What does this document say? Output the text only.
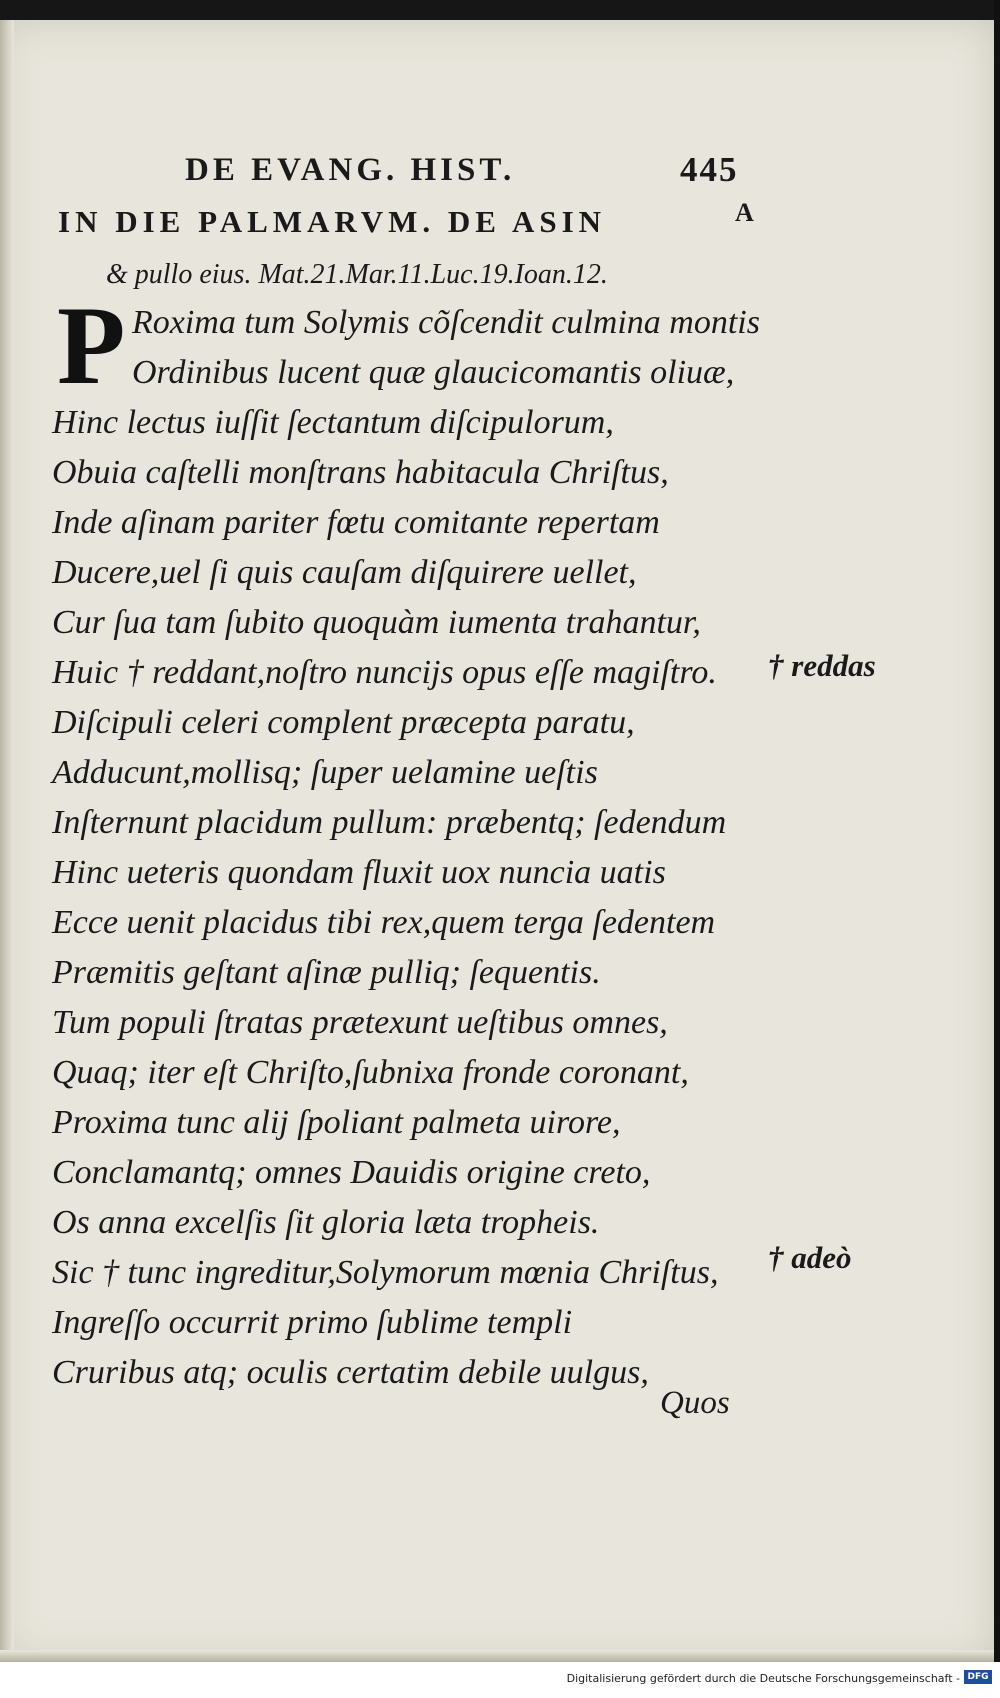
DE EVANG. HIST.	445
IN DIE PALMARVM. DE ASIN	A
& pullo eius. Mat.21.Mar.11.Luc.19.Ioan.12.
P Roxima tum Solymis cõſcendit culmina montis
Ordinibus lucent quæ glaucicomantis oliuæ,
Hinc lectus iuſſit ſectantum diſcipulorum,
Obuia caſtelli monſtrans habitacula Chriſtus,
Inde aſinam pariter fœtu comitante repertam
Ducere,uel ſi quis cauſam diſquirere uellet,
Cur ſua tam ſubito quoquàm iumenta trahantur,
Huic † reddant,noſtro nuncijs opus eſſe magiſtro.
Diſcipuli celeri complent præcepta paratu,
Adducunt,mollisq; ſuper uelamine ueſtis
Inſternunt placidum pullum: præbentq; ſedendum
Hinc ueteris quondam fluxit uox nuncia uatis
Ecce uenit placidus tibi rex,quem terga ſedentem
Præmitis geſtant aſinæ pulliq; ſequentis.
Tum populi ſtratas prætexunt ueſtibus omnes,
Quaq; iter eſt Chriſto,ſubnixa fronde coronant,
Proxima tunc alij ſpoliant palmeta uirore,
Conclamantq; omnes Dauidis origine creto,
Os anna excelſis ſit gloria læta tropheis.
Sic † tunc ingreditur,Solymorum mœnia Chriſtus,
Ingreſſo occurrit primo ſublime templi
Cruribus atq; oculis certatim debile uulgus,
† reddas
† adeò
Quos
Digitalisierung gefördert durch die Deutsche Forschungsgemeinschaft - DFG
